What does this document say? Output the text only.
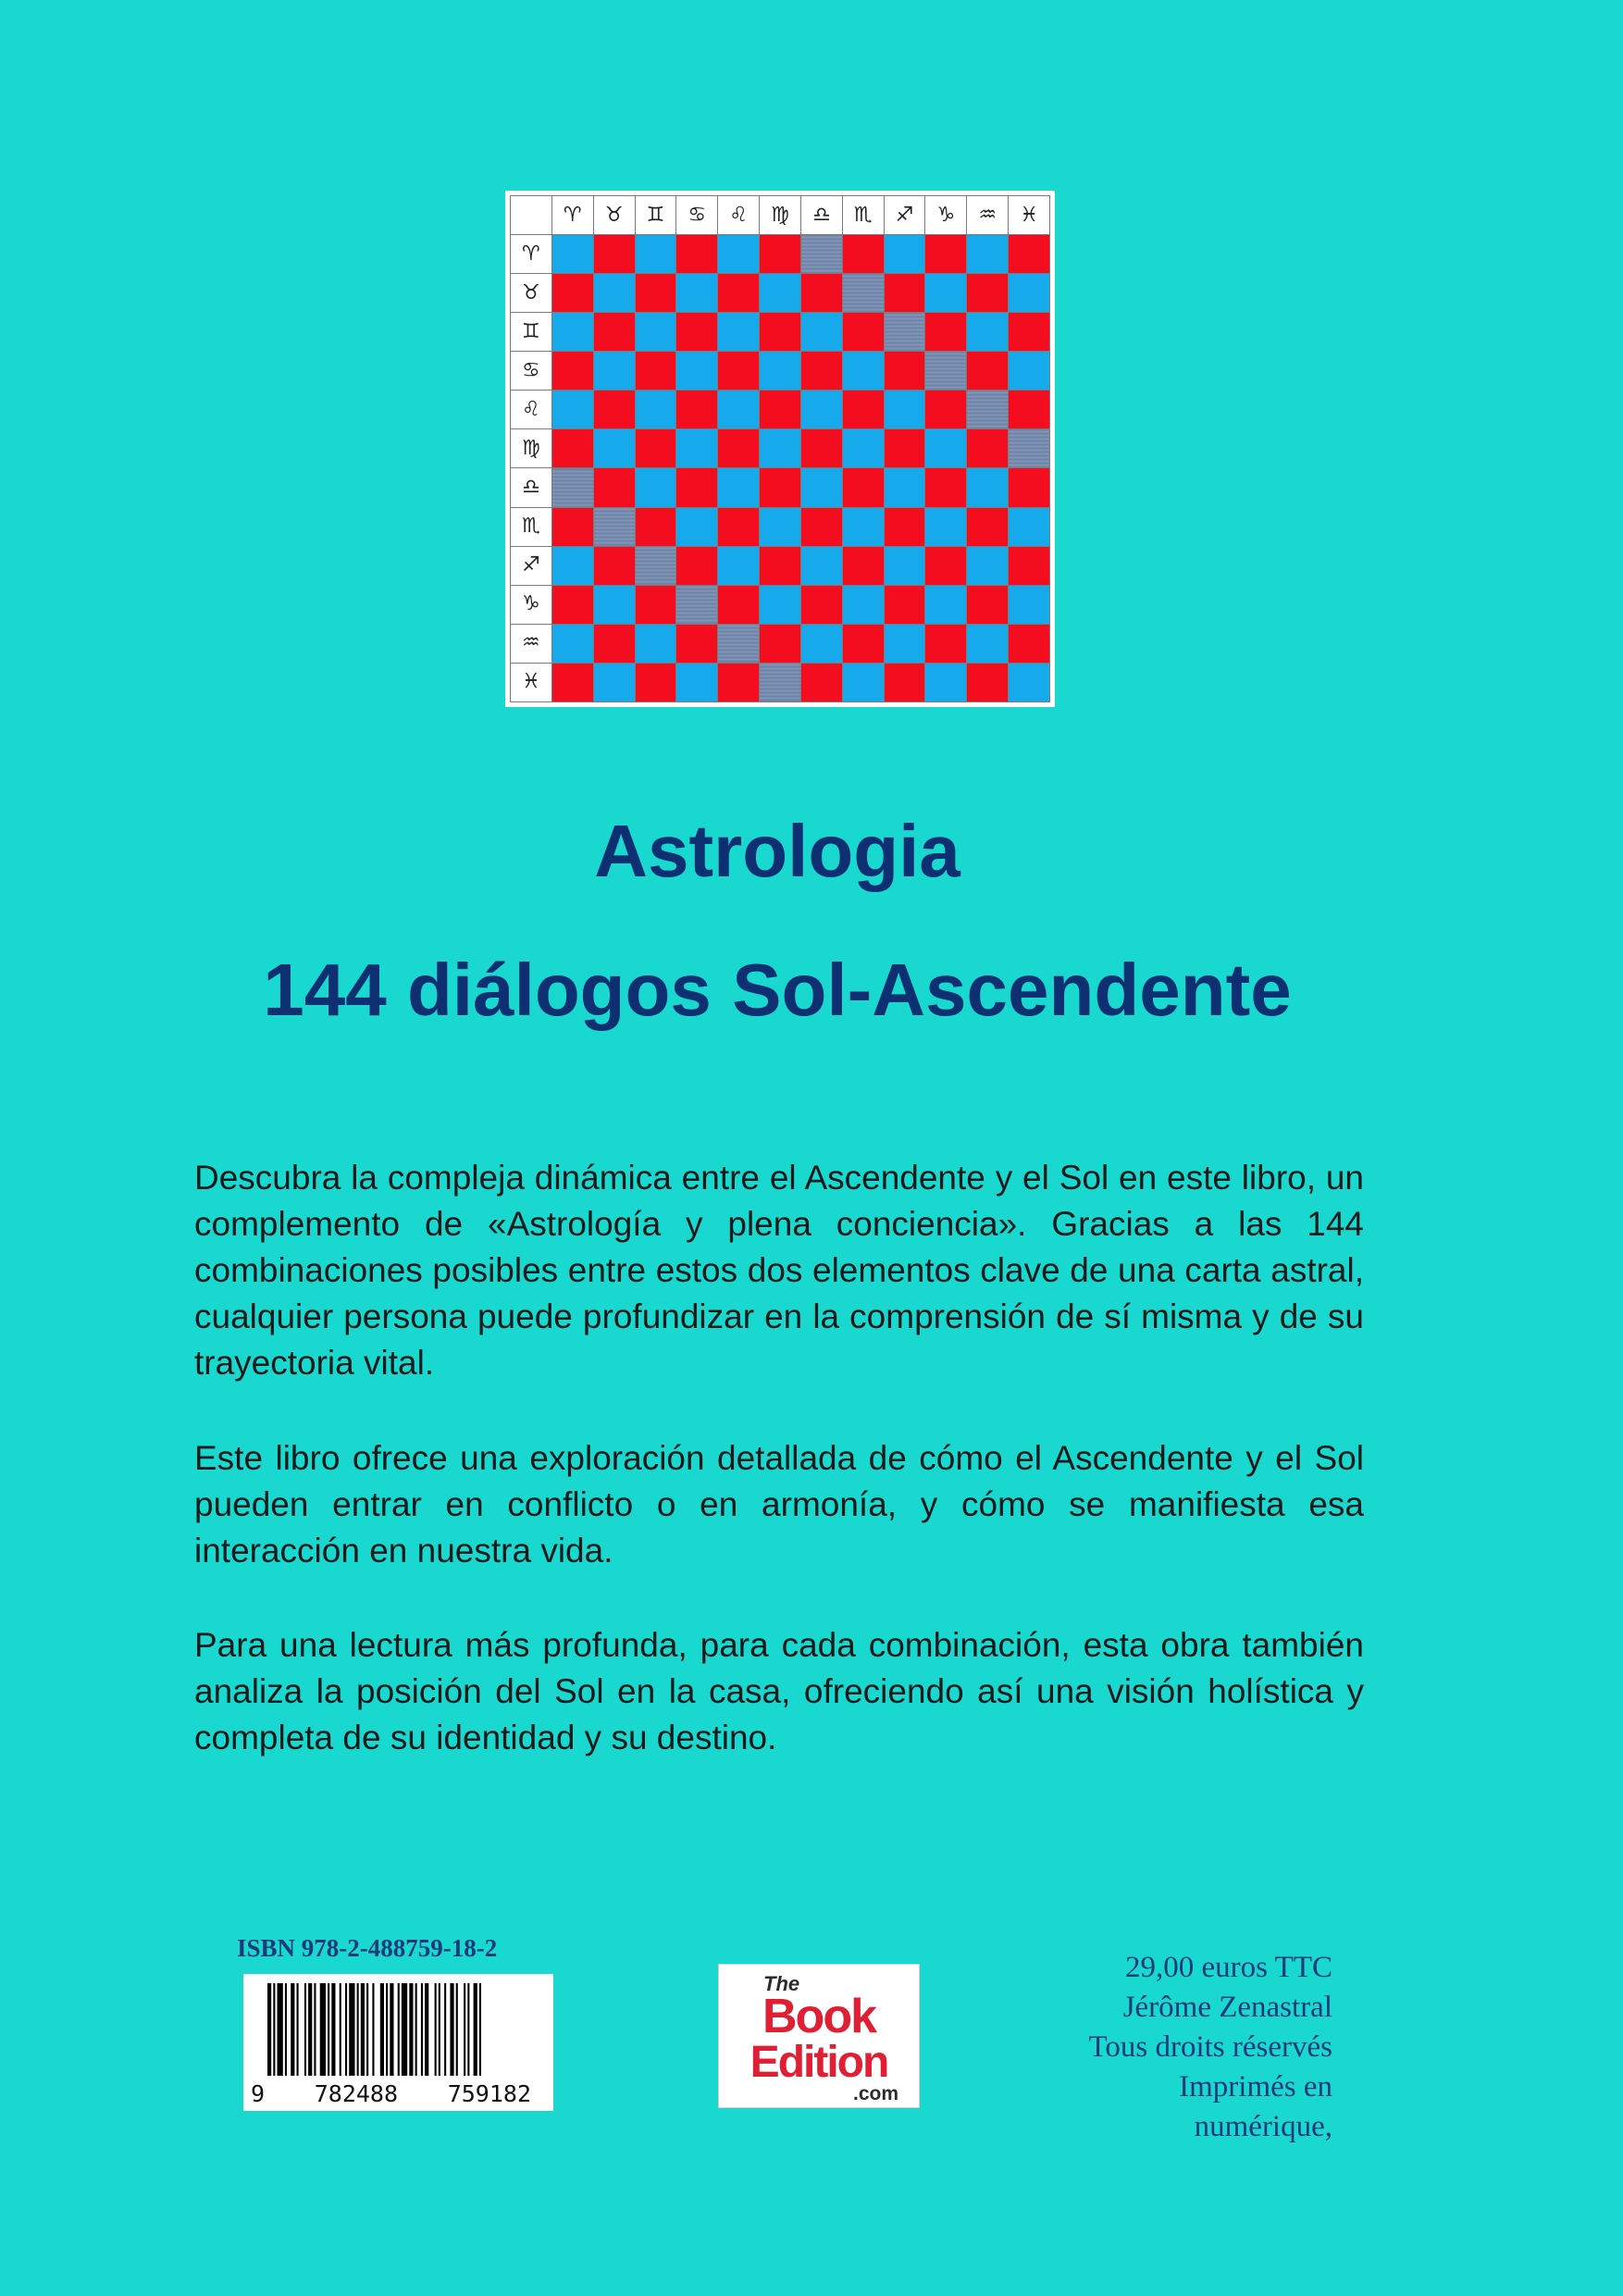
	♈	♉	♊	♋	♌	♍	♎	♏	♐	♑	♒	♓
♈												
♉												
♊												
♋												
♌												
♍												
♎												
♏												
♐												
♑												
♒												
♓												
Astrologia
144 diálogos Sol-Ascendente

Descubra la compleja dinámica entre el Ascendente y el Sol en este libro, un complemento de «Astrología y plena conciencia». Gracias a las 144 combinaciones posibles entre estos dos elementos clave de una carta astral, cualquier persona puede profundizar en la comprensión de sí misma y de su trayectoria vital.

Este libro ofrece una exploración detallada de cómo el Ascendente y el Sol pueden entrar en conflicto o en armonía, y cómo se manifiesta esa interacción en nuestra vida.

Para una lectura más profunda, para cada combinación, esta obra también analiza la posición del Sol en la casa, ofreciendo así una visión holística y completa de su identidad y su destino.

ISBN 978-2-488759-18-2
9 782488 759182
The
Book
Edition
.com
29,00 euros TTC
Jérôme Zenastral
Tous droits réservés
Imprimés en
numérique,
